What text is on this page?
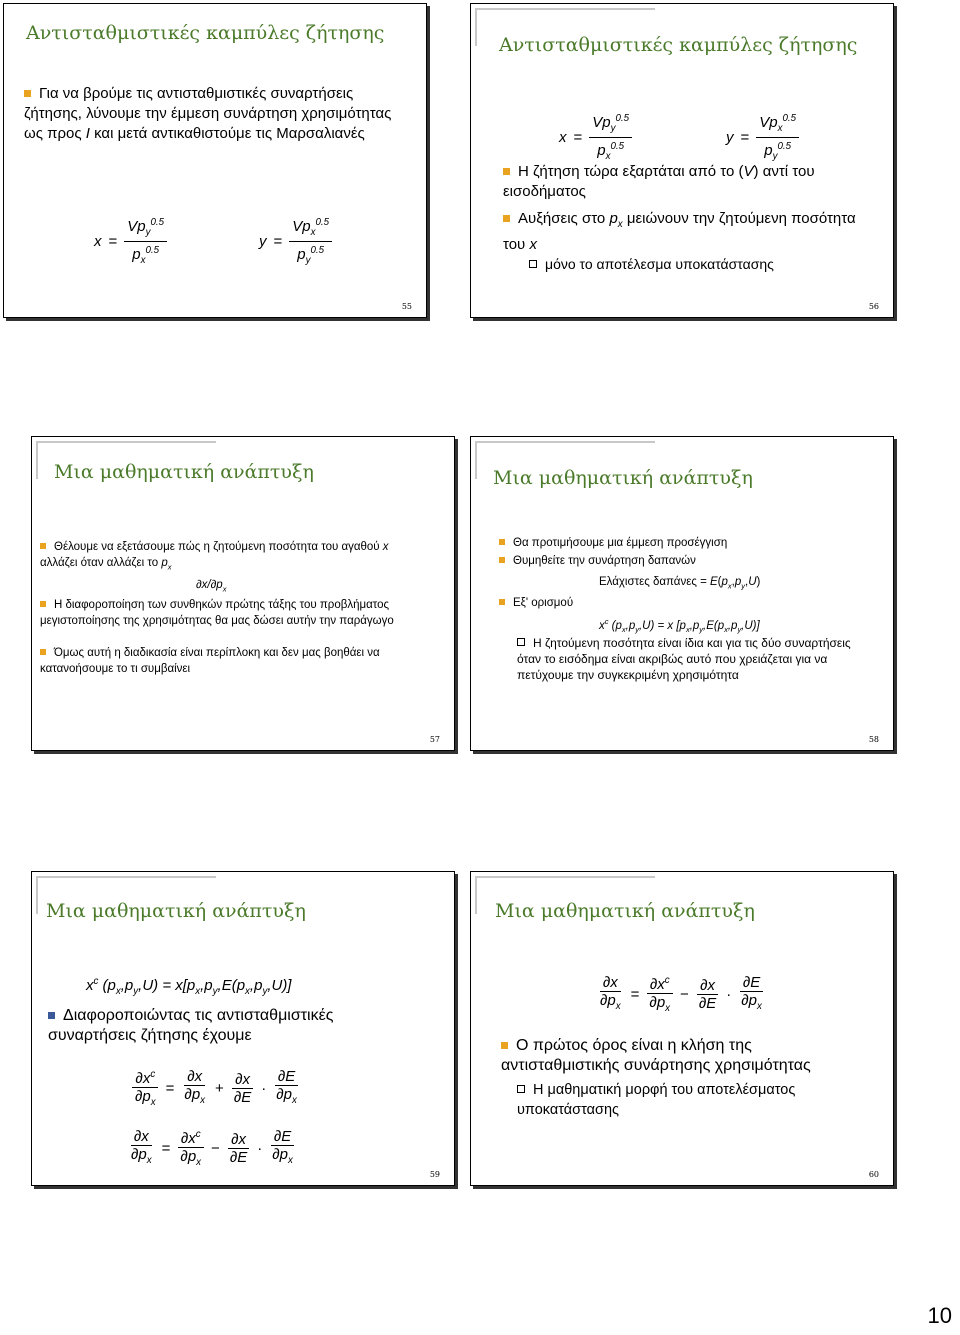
Αντισταθμιστικές καμπύλες ζήτησης
Για να βρούμε τις αντισταθμιστικές συναρτήσεις ζήτησης, λύνουμε την έμμεση συνάρτηση χρησιμότητας ως προς I και μετά αντικαθιστούμε τις Μαρσαλιανές
$x = \frac{Vp_y^{0.5}}{p_x^{0.5}}$	$y = \frac{Vp_x^{0.5}}{p_y^{0.5}}$
55
Αντισταθμιστικές καμπύλες ζήτησης
$x = \frac{Vp_y^{0.5}}{p_x^{0.5}}$	$y = \frac{Vp_x^{0.5}}{p_y^{0.5}}$
Η ζήτηση τώρα εξαρτάται από το (V) αντί του εισοδήματος
Αυξήσεις στο $p_x$ μειώνουν την ζητούμενη ποσότητα του x
μόνο το αποτέλεσμα υποκατάστασης
56
Μια μαθηματική ανάπτυξη
Θέλουμε να εξετάσουμε πώς η ζητούμενη ποσότητα του αγαθού x αλλάζει όταν αλλάζει το $p_x$
$\partial x/\partial p_x$
Η διαφοροποίηση των συνθηκών πρώτης τάξης του προβλήματος μεγιστοποίησης της χρησιμότητας θα μας δώσει αυτήν την παράγωγο
Όμως αυτή η διαδικασία είναι περίπλοκη και δεν μας βοηθάει να κατανοήσουμε το τι συμβαίνει
57
Μια μαθηματική ανάπτυξη
Θα προτιμήσουμε μια έμμεση προσέγγιση
Θυμηθείτε την συνάρτηση δαπανών
Ελάχιστες $\delta\alpha\pi ά\nu\varepsilon\varsigma = E(p_x,p_y,U)$
Εξ' ορισμού
$x^c$ $(p_x,p_y,U) = x$ $[p_x,p_y,E(p_x,p_y,U)]$
Η ζητούμενη ποσότητα είναι ίδια και για τις δύο συναρτήσεις όταν το εισόδημα είναι ακριβώς αυτό που χρειάζεται για να πετύχουμε την συγκεκριμένη χρησιμότητα
58
Μια μαθηματική ανάπτυξη
$x^c$ $(p_x,p_y,U) = x[p_x,p_y,E(p_x,p_y,U)]$
Διαφοροποιώντας τις αντισταθμιστικές συναρτήσεις ζήτησης έχουμε
$\frac{\partial x^c}{\partial p_x} = \frac{\partial x}{\partial p_x} + \frac{\partial x}{\partial E} \cdot \frac{\partial E}{\partial p_x}$
$\frac{\partial x}{\partial p_x} = \frac{\partial x^c}{\partial p_x} - \frac{\partial x}{\partial E} \cdot \frac{\partial E}{\partial p_x}$
59
Μια μαθηματική ανάπτυξη
$\frac{\partial x}{\partial p_x} = \frac{\partial x^c}{\partial p_x} - \frac{\partial x}{\partial E} \cdot \frac{\partial E}{\partial p_x}$
Ο πρώτος όρος είναι η κλήση της αντισταθμιστικής συνάρτησης χρησιμότητας
Η μαθηματική μορφή του αποτελέσματος υποκατάστασης
60
10
